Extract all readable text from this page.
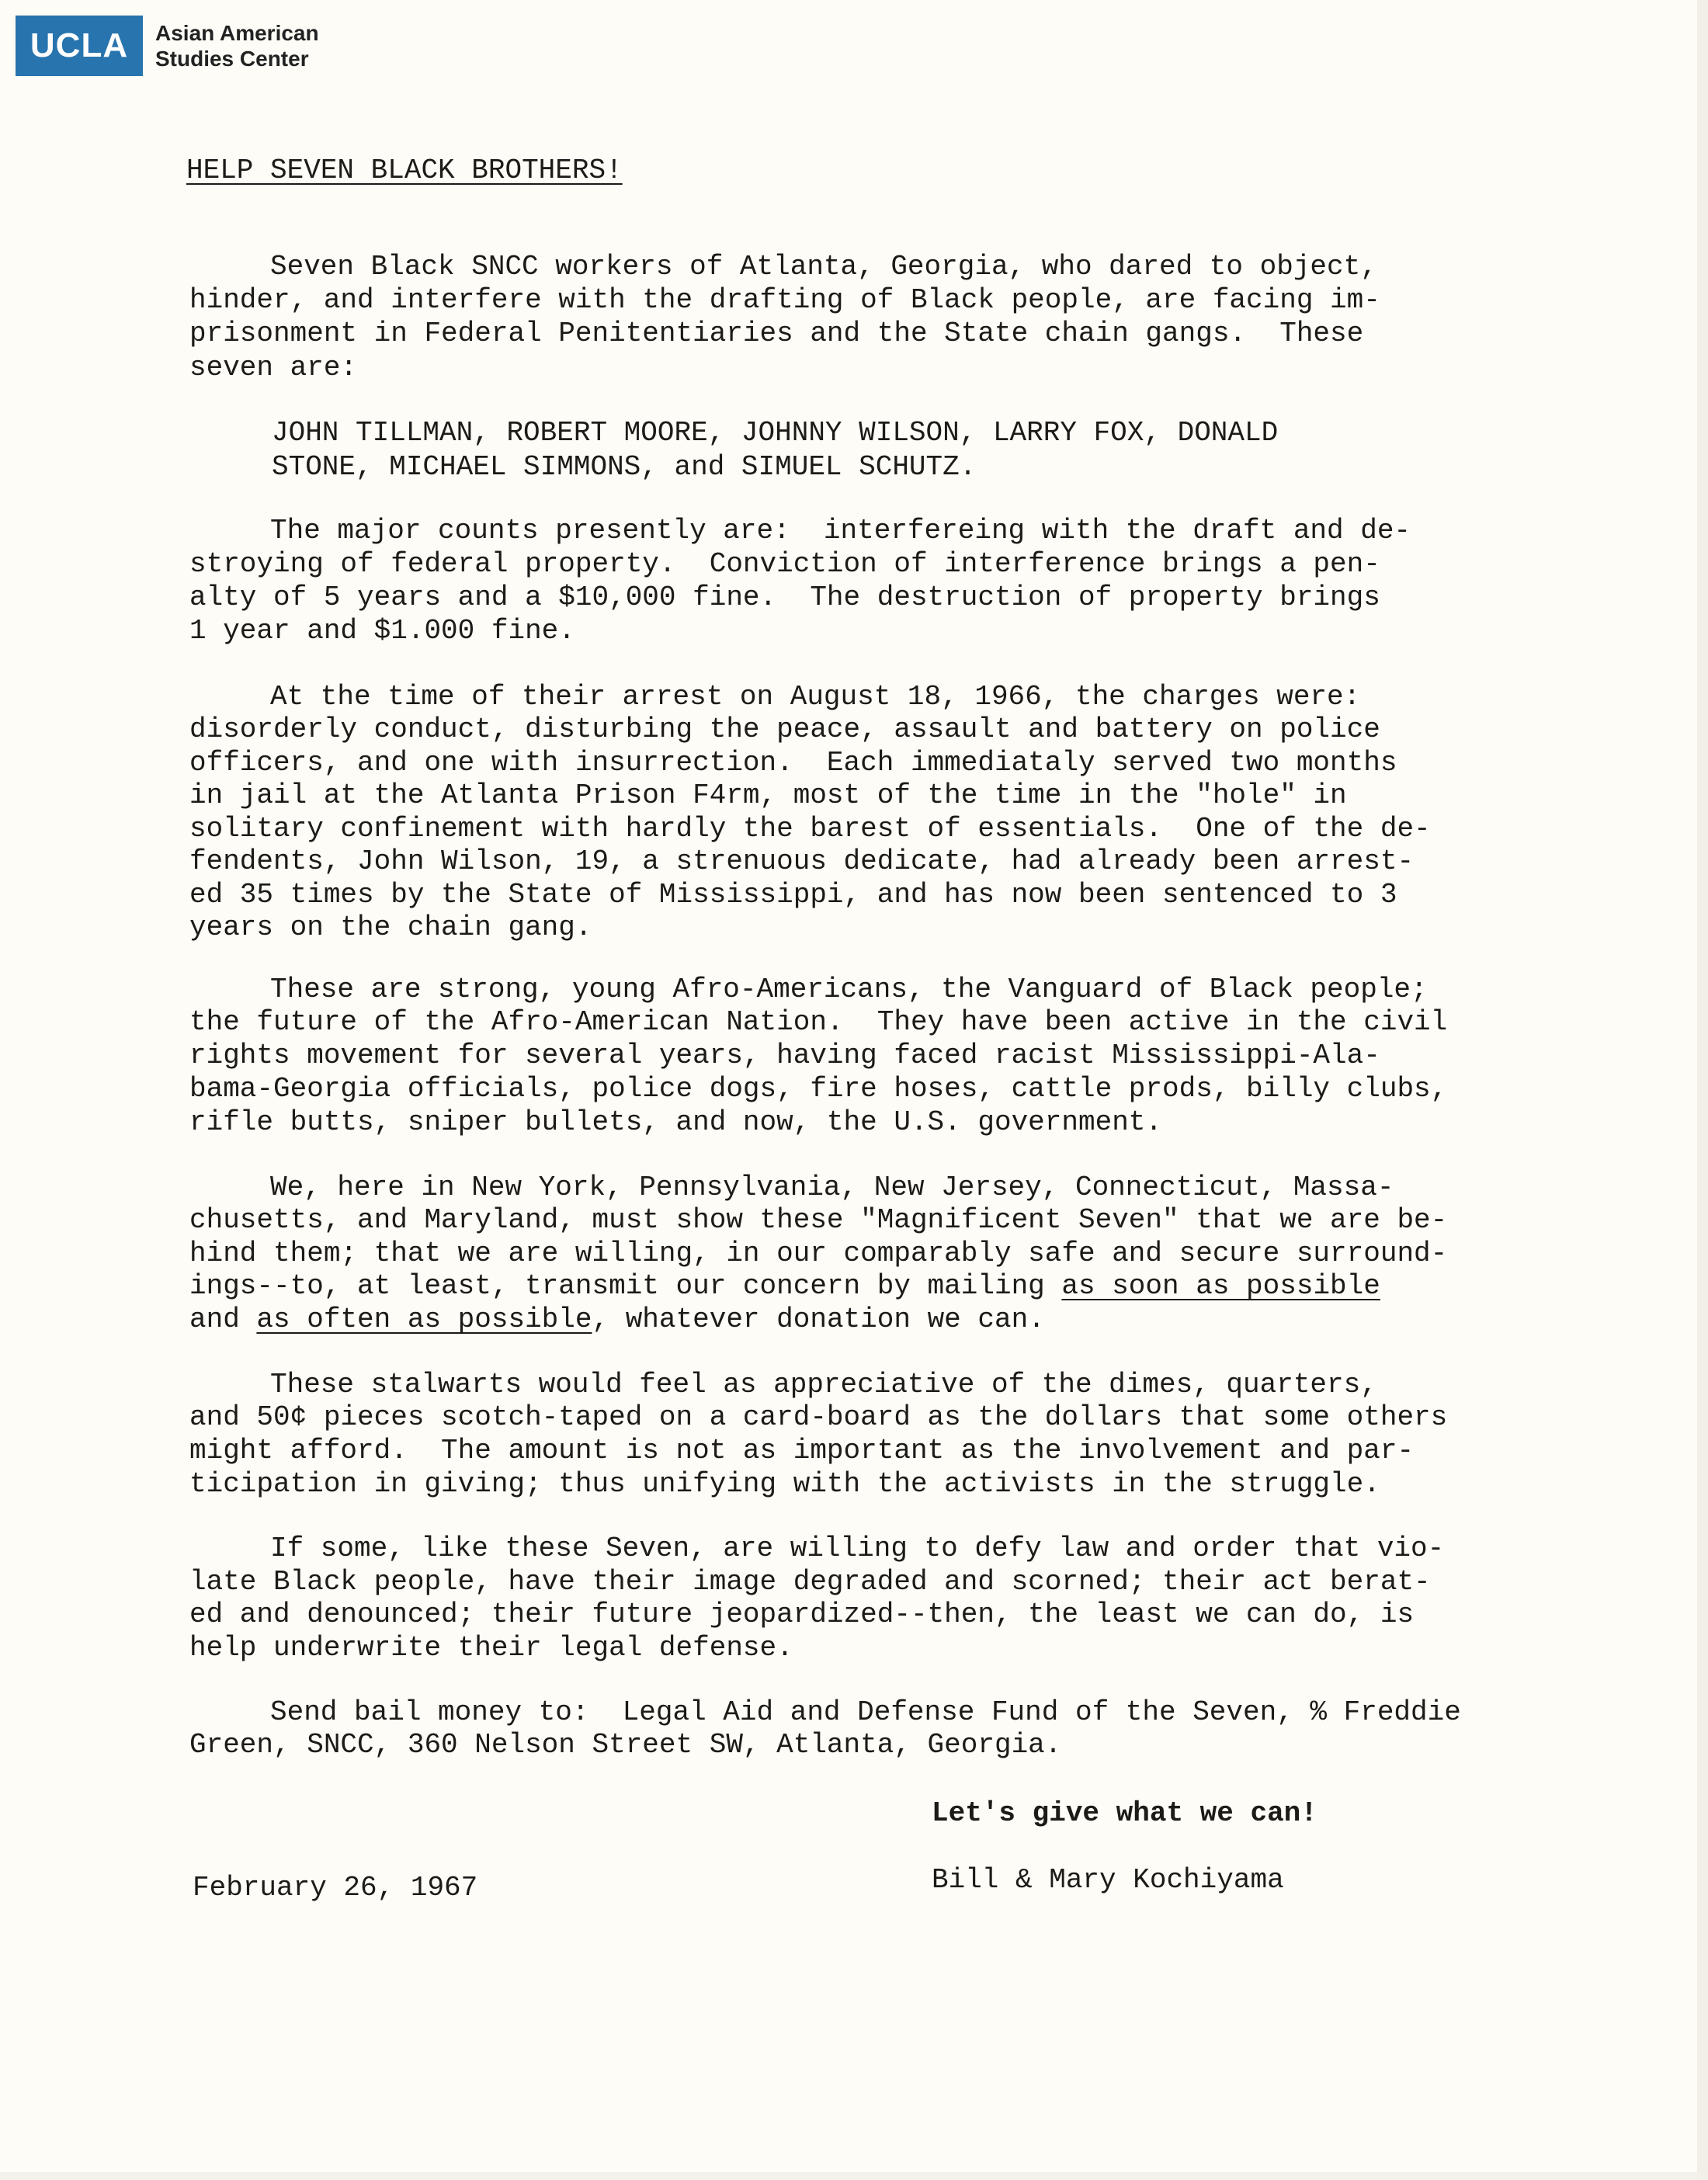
UCLA	Asian American
Studies Center
HELP SEVEN BLACK BROTHERS!
Seven Black SNCC workers of Atlanta, Georgia, who dared to object,
hinder, and interfere with the drafting of Black people, are facing im-
prisonment in Federal Penitentiaries and the State chain gangs.  These
seven are:
JOHN TILLMAN, ROBERT MOORE, JOHNNY WILSON, LARRY FOX, DONALD
STONE, MICHAEL SIMMONS, and SIMUEL SCHUTZ.
The major counts presently are:  interfereing with the draft and de-
stroying of federal property.  Conviction of interference brings a pen-
alty of 5 years and a $10,000 fine.  The destruction of property brings
1 year and $1.000 fine.
At the time of their arrest on August 18, 1966, the charges were:
disorderly conduct, disturbing the peace, assault and battery on police
officers, and one with insurrection.  Each immediataly served two months
in jail at the Atlanta Prison F4rm, most of the time in the "hole" in
solitary confinement with hardly the barest of essentials.  One of the de-
fendents, John Wilson, 19, a strenuous dedicate, had already been arrest-
ed 35 times by the State of Mississippi, and has now been sentenced to 3
years on the chain gang.
These are strong, young Afro-Americans, the Vanguard of Black people;
the future of the Afro-American Nation.  They have been active in the civil
rights movement for several years, having faced racist Mississippi-Ala-
bama-Georgia officials, police dogs, fire hoses, cattle prods, billy clubs,
rifle butts, sniper bullets, and now, the U.S. government.
We, here in New York, Pennsylvania, New Jersey, Connecticut, Massa-
chusetts, and Maryland, must show these "Magnificent Seven" that we are be-
hind them; that we are willing, in our comparably safe and secure surround-
ings--to, at least, transmit our concern by mailing as soon as possible
and as often as possible, whatever donation we can.
These stalwarts would feel as appreciative of the dimes, quarters,
and 50¢ pieces scotch-taped on a card-board as the dollars that some others
might afford.  The amount is not as important as the involvement and par-
ticipation in giving; thus unifying with the activists in the struggle.
If some, like these Seven, are willing to defy law and order that vio-
late Black people, have their image degraded and scorned; their act berat-
ed and denounced; their future jeopardized--then, the least we can do, is
help underwrite their legal defense.
Send bail money to:  Legal Aid and Defense Fund of the Seven, % Freddie
Green, SNCC, 360 Nelson Street SW, Atlanta, Georgia.
Let's give what we can!
February 26, 1967	Bill & Mary Kochiyama
